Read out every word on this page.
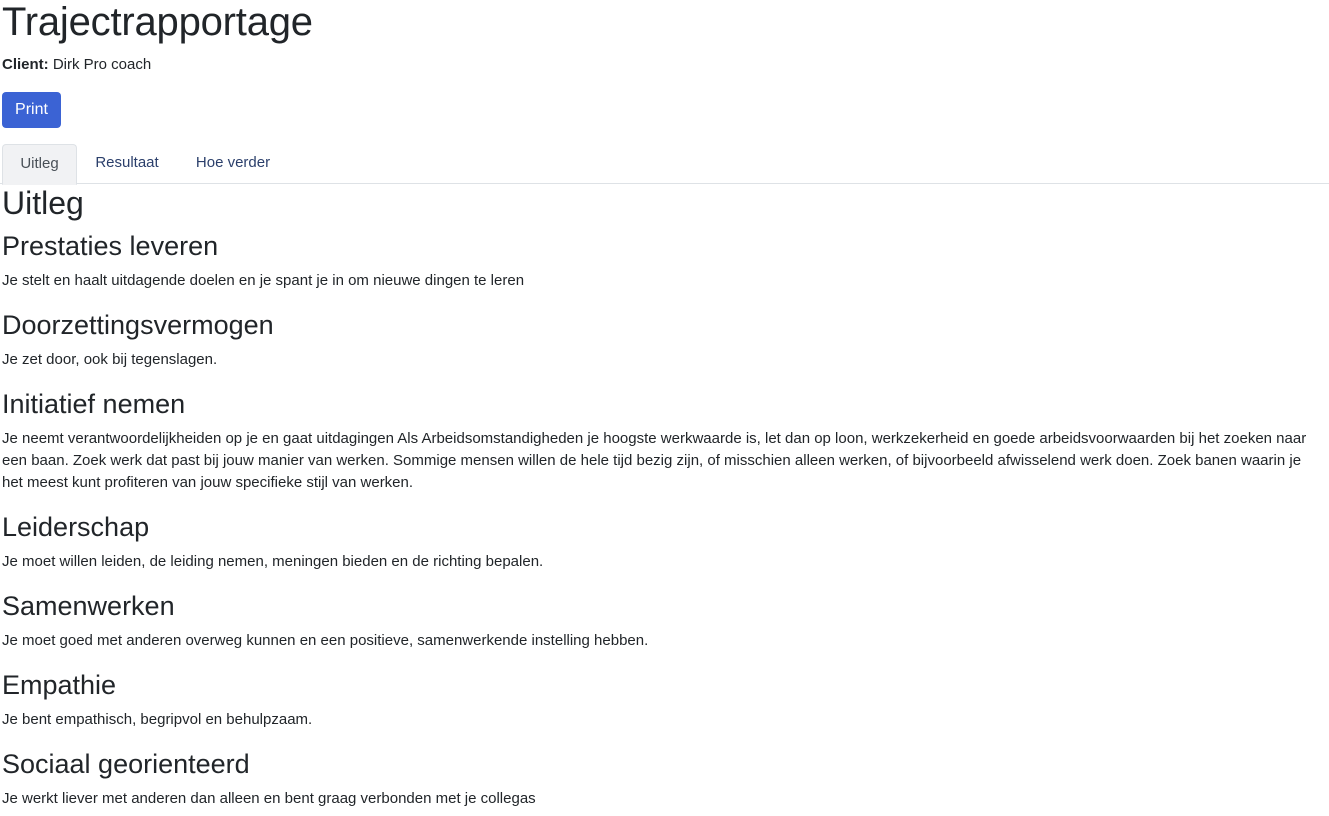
Trajectrapportage
Client: Dirk Pro coach
Print
Uitleg	Resultaat	Hoe verder
Uitleg
Prestaties leveren

Je stelt en haalt uitdagende doelen en je spant je in om nieuwe dingen te leren

Doorzettingsvermogen

Je zet door, ook bij tegenslagen.

Initiatief nemen

Je neemt verantwoordelijkheiden op je en gaat uitdagingen Als Arbeidsomstandigheden je hoogste werkwaarde is, let dan op loon, werkzekerheid en goede arbeidsvoorwaarden bij het zoeken naar een baan. Zoek werk dat past bij jouw manier van werken. Sommige mensen willen de hele tijd bezig zijn, of misschien alleen werken, of bijvoorbeeld afwisselend werk doen. Zoek banen waarin je het meest kunt profiteren van jouw specifieke stijl van werken.

Leiderschap

Je moet willen leiden, de leiding nemen, meningen bieden en de richting bepalen.

Samenwerken

Je moet goed met anderen overweg kunnen en een positieve, samenwerkende instelling hebben.

Empathie

Je bent empathisch, begripvol en behulpzaam.

Sociaal georienteerd

Je werkt liever met anderen dan alleen en bent graag verbonden met je collegas
